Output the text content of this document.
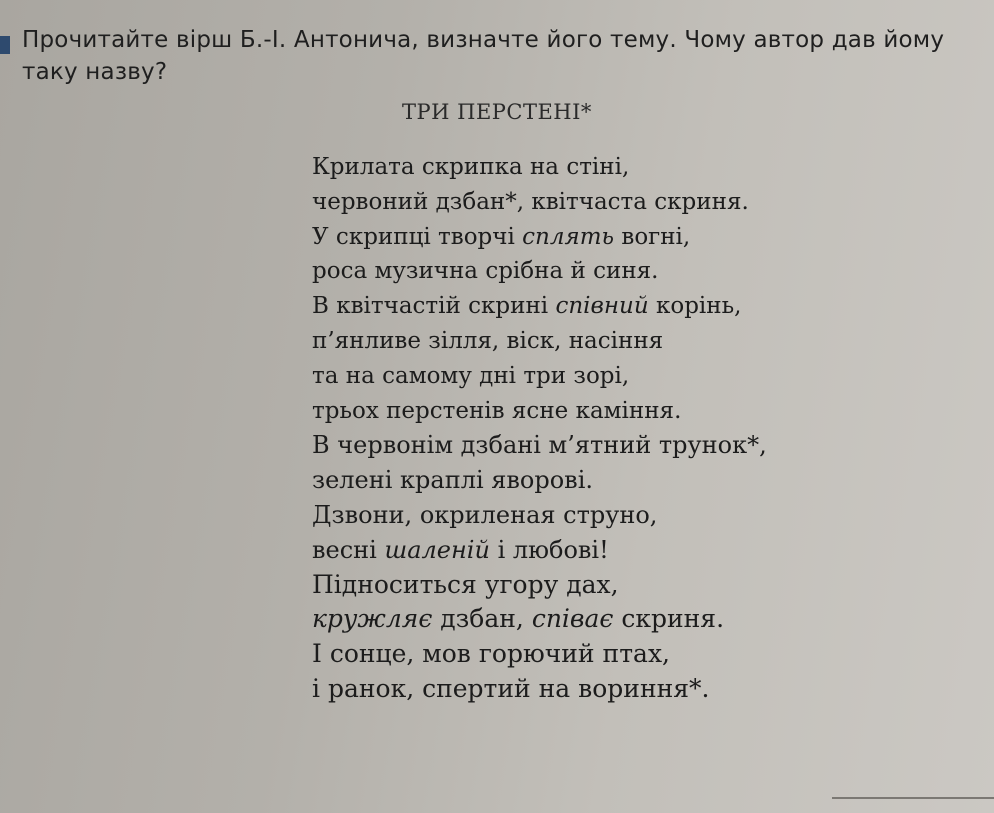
Прочитайте вірш Б.-І. Антонича, визначте його тему. Чому автор дав йому таку назву?
ТРИ ПЕРСТЕНІ*
Крилата скрипка на стіні,
червоний дзбан*, квітчаста скриня.
У скрипці творчі сплять вогні,
роса музична срібна й синя.
В квітчастій скрині співний корінь,
п’янливе зілля, віск, насіння
та на самому дні три зорі,
трьох перстенів ясне каміння.
В червонім дзбані м’ятний трунок*,
зелені краплі яворові.
Дзвони, окриленая струно,
весні шаленій і любові!
Підноситься угору дах,
кружляє дзбан, співає скриня.
І сонце, мов горючий птах,
і ранок, спертий на вориння*.
